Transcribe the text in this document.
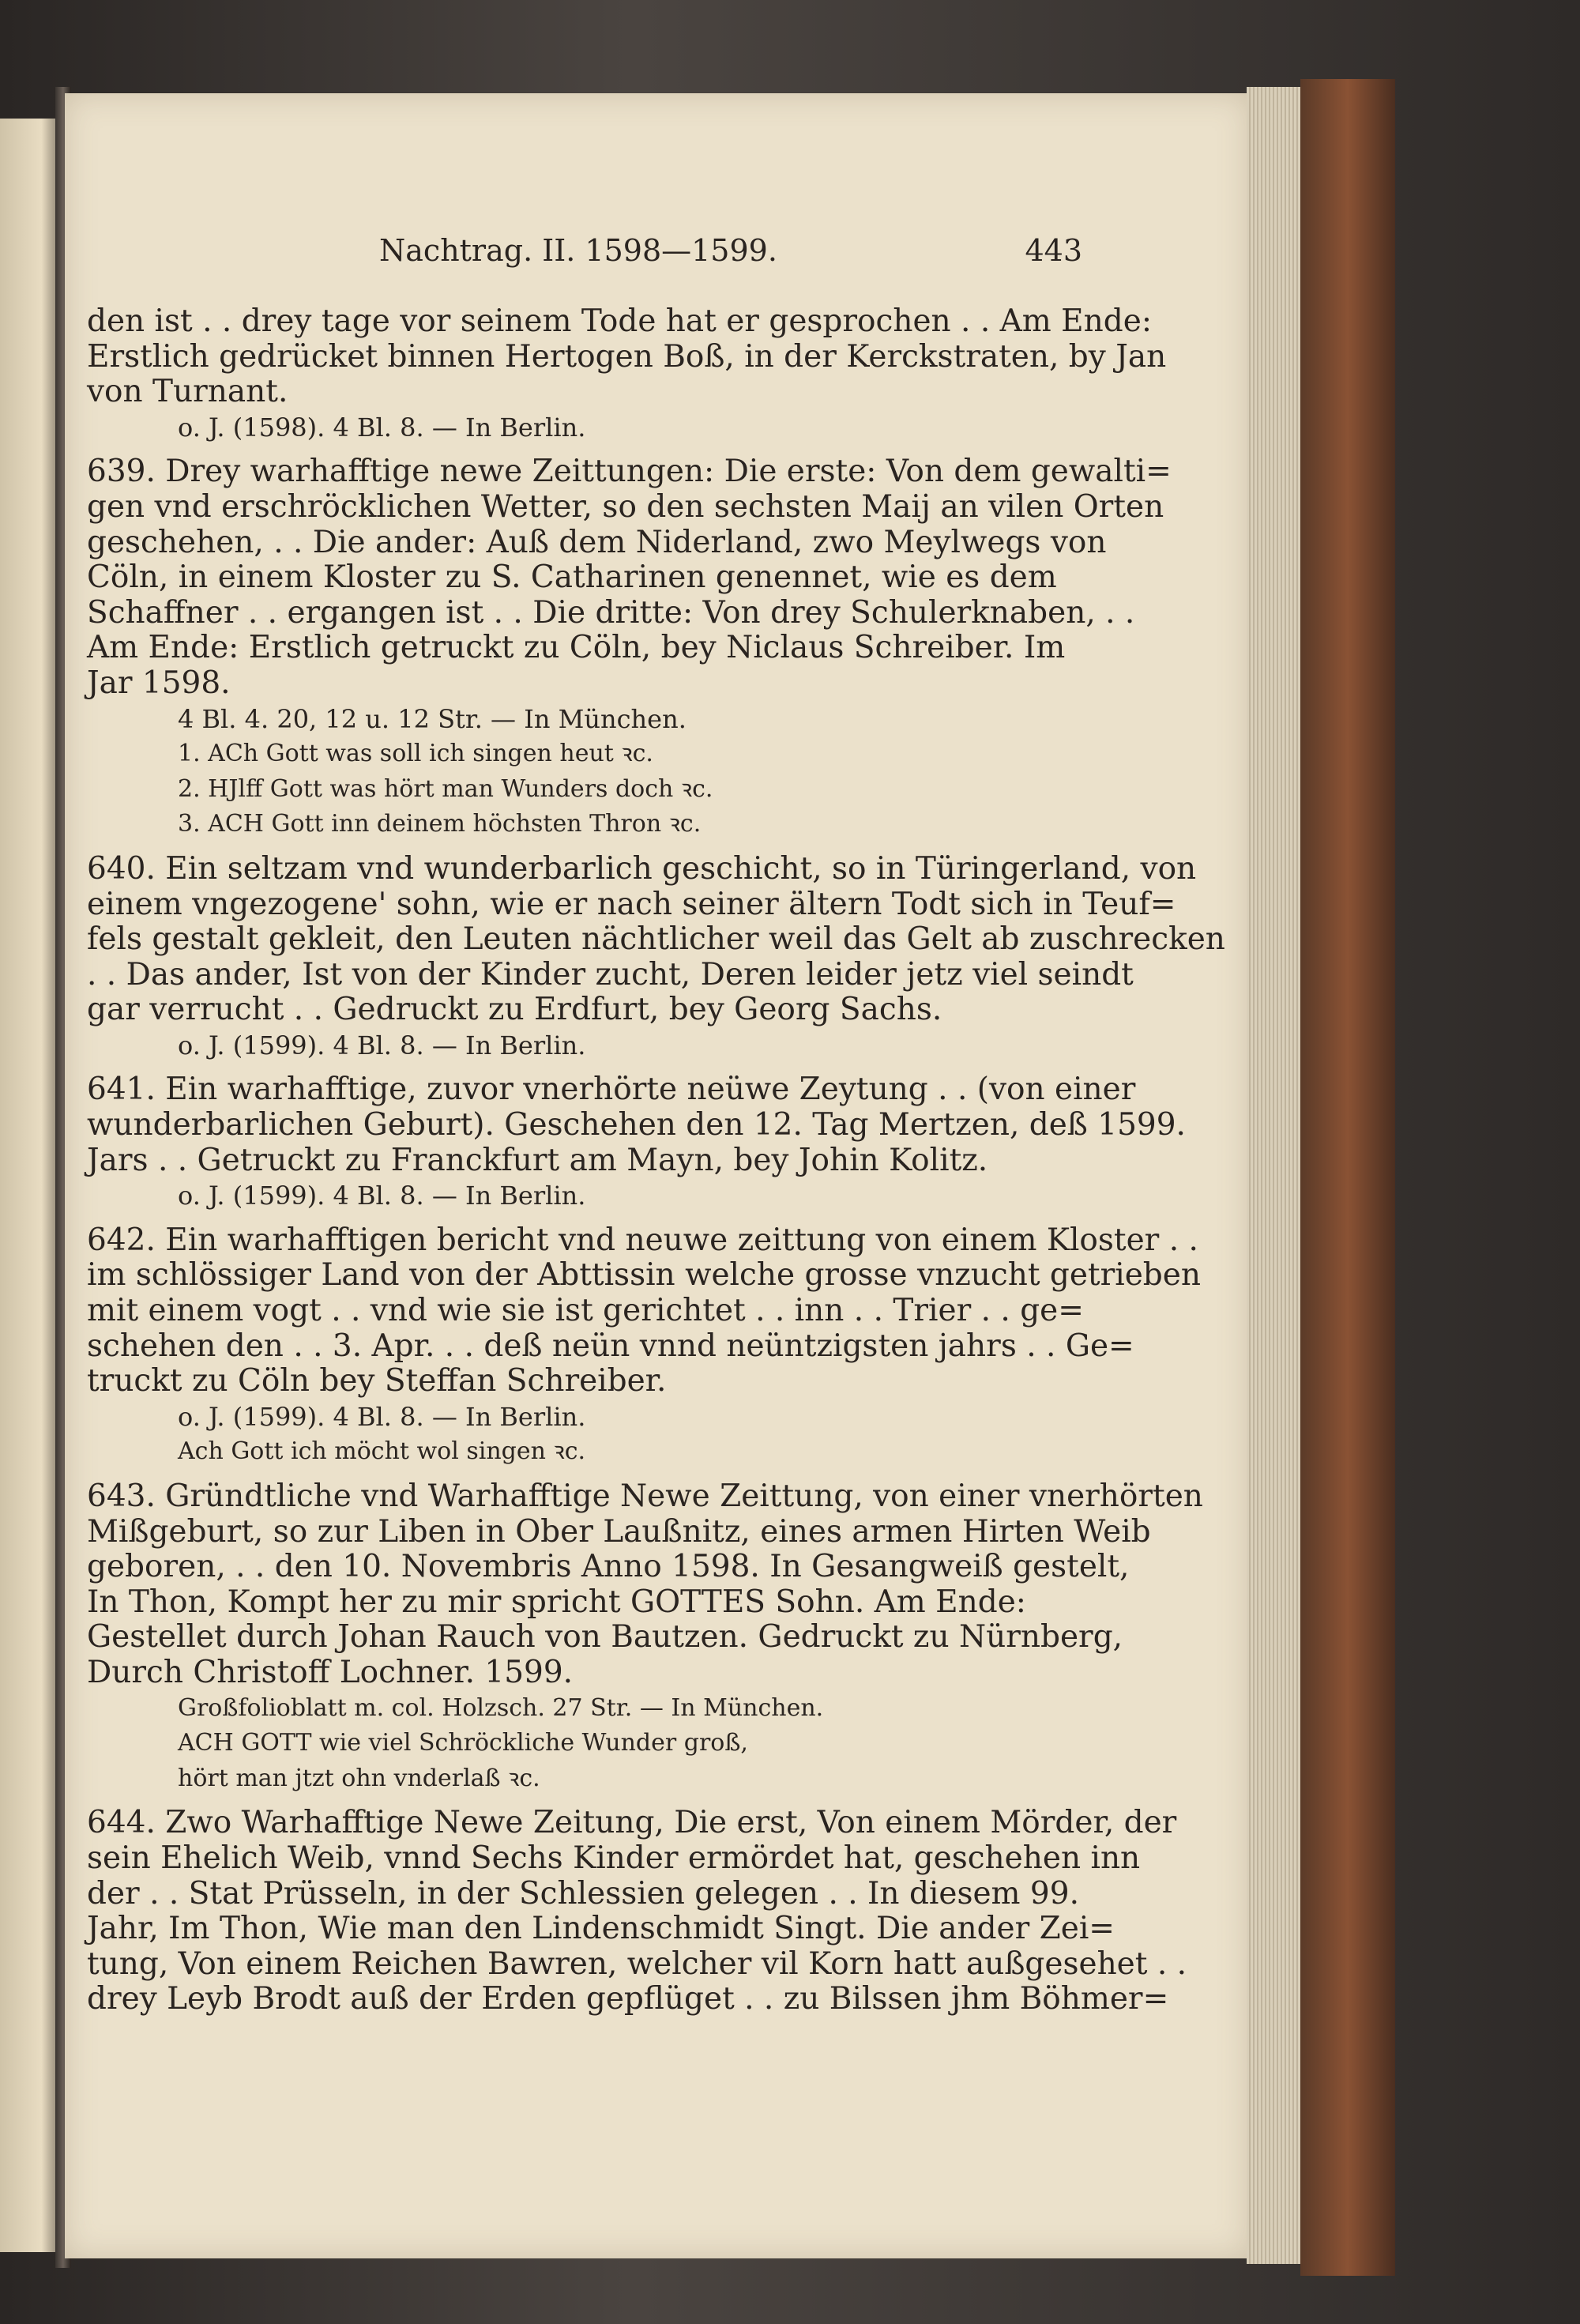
Nachtrag. II. 1598—1599.	443
den ist . . drey tage vor seinem Tode hat er gesprochen . . Am Ende:
Erstlich gedrücket binnen Hertogen Boß, in der Kerckstraten, by Jan
von Turnant.
o. J. (1598). 4 Bl. 8. — In Berlin.
639. Drey warhafftige newe Zeittungen: Die erste: Von dem gewalti=
gen vnd erschröcklichen Wetter, so den sechsten Maij an vilen Orten
geschehen, . . Die ander: Auß dem Niderland, zwo Meylwegs von
Cöln, in einem Kloster zu S. Catharinen genennet, wie es dem
Schaffner . . ergangen ist . . Die dritte: Von drey Schulerknaben, . .
Am Ende: Erstlich getruckt zu Cöln, bey Niclaus Schreiber. Im
Jar 1598.
4 Bl. 4. 20, 12 u. 12 Str. — In München.
1. ACh Gott was soll ich singen heut ꝛc.
2. HJlff Gott was hört man Wunders doch ꝛc.
3. ACH Gott inn deinem höchsten Thron ꝛc.
640. Ein seltzam vnd wunderbarlich geschicht, so in Türingerland, von
einem vngezogene' sohn, wie er nach seiner ältern Todt sich in Teuf=
fels gestalt gekleit, den Leuten nächtlicher weil das Gelt ab zuschrecken
. . Das ander, Ist von der Kinder zucht, Deren leider jetz viel seindt
gar verrucht . . Gedruckt zu Erdfurt, bey Georg Sachs.
o. J. (1599). 4 Bl. 8. — In Berlin.
641. Ein warhafftige, zuvor vnerhörte neüwe Zeytung . . (von einer
wunderbarlichen Geburt). Geschehen den 12. Tag Mertzen, deß 1599.
Jars . . Getruckt zu Franckfurt am Mayn, bey Johin Kolitz.
o. J. (1599). 4 Bl. 8. — In Berlin.
642. Ein warhafftigen bericht vnd neuwe zeittung von einem Kloster . .
im schlössiger Land von der Abttissin welche grosse vnzucht getrieben
mit einem vogt . . vnd wie sie ist gerichtet . . inn . . Trier . . ge=
schehen den . . 3. Apr. . . deß neün vnnd neüntzigsten jahrs . . Ge=
truckt zu Cöln bey Steffan Schreiber.
o. J. (1599). 4 Bl. 8. — In Berlin.
Ach Gott ich möcht wol singen ꝛc.
643. Gründtliche vnd Warhafftige Newe Zeittung, von einer vnerhörten
Mißgeburt, so zur Liben in Ober Laußnitz, eines armen Hirten Weib
geboren, . . den 10. Novembris Anno 1598. In Gesangweiß gestelt,
In Thon, Kompt her zu mir spricht GOTTES Sohn. Am Ende:
Gestellet durch Johan Rauch von Bautzen. Gedruckt zu Nürnberg,
Durch Christoff Lochner. 1599.
Großfolioblatt m. col. Holzsch. 27 Str. — In München.
ACH GOTT wie viel Schröckliche Wunder groß,
hört man jtzt ohn vnderlaß ꝛc.
644. Zwo Warhafftige Newe Zeitung, Die erst, Von einem Mörder, der
sein Ehelich Weib, vnnd Sechs Kinder ermördet hat, geschehen inn
der . . Stat Prüsseln, in der Schlessien gelegen . . In diesem 99.
Jahr, Im Thon, Wie man den Lindenschmidt Singt. Die ander Zei=
tung, Von einem Reichen Bawren, welcher vil Korn hatt außgesehet . .
drey Leyb Brodt auß der Erden gepflüget . . zu Bilssen jhm Böhmer=
